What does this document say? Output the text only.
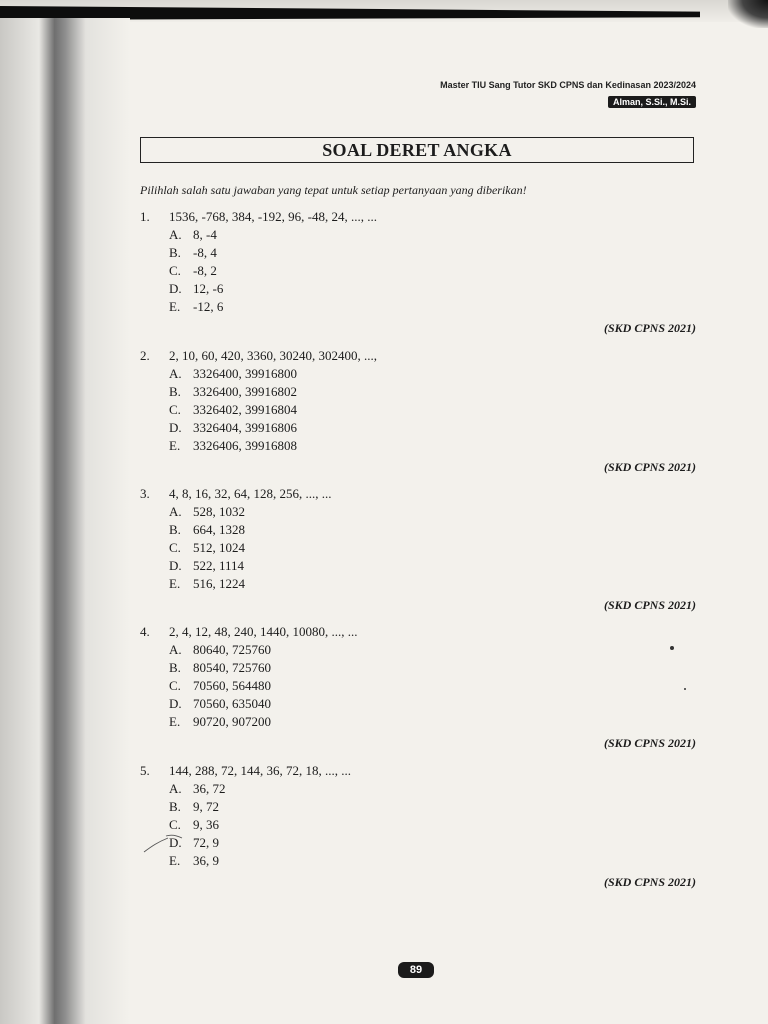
Master TIU Sang Tutor SKD CPNS dan Kedinasan 2023/2024
Alman, S.Si., M.Si.
SOAL DERET ANGKA
Pilihlah salah satu jawaban yang tepat untuk setiap pertanyaan yang diberikan!
1. 1536, -768, 384, -192, 96, -48, 24, ..., ...
A. 8, -4
B. -8, 4
C. -8, 2
D. 12, -6
E. -12, 6
(SKD CPNS 2021)
2. 2, 10, 60, 420, 3360, 30240, 302400, ...,
A. 3326400, 39916800
B. 3326400, 39916802
C. 3326402, 39916804
D. 3326404, 39916806
E. 3326406, 39916808
(SKD CPNS 2021)
3. 4, 8, 16, 32, 64, 128, 256, ..., ...
A. 528, 1032
B. 664, 1328
C. 512, 1024
D. 522, 1114
E. 516, 1224
(SKD CPNS 2021)
4. 2, 4, 12, 48, 240, 1440, 10080, ..., ...
A. 80640, 725760
B. 80540, 725760
C. 70560, 564480
D. 70560, 635040
E. 90720, 907200
(SKD CPNS 2021)
5. 144, 288, 72, 144, 36, 72, 18, ..., ...
A. 36, 72
B. 9, 72
C. 9, 36
D. 72, 9
E. 36, 9
(SKD CPNS 2021)
89
